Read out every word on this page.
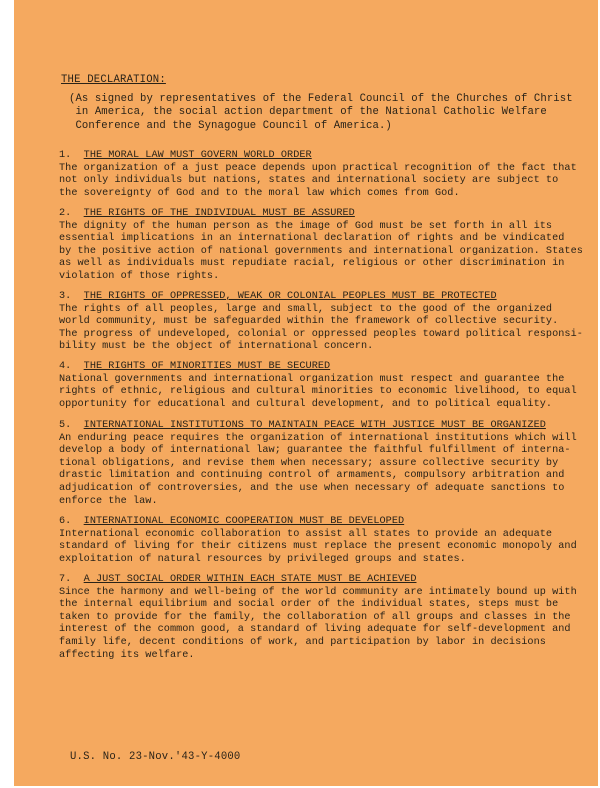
THE DECLARATION:
(As signed by representatives of the Federal Council of the Churches of Christ
in America, the social action department of the National Catholic Welfare
Conference and the Synagogue Council of America.)
1. THE MORAL LAW MUST GOVERN WORLD ORDER
The organization of a just peace depends upon practical recognition of the fact that
not only individuals but nations, states and international society are subject to
the sovereignty of God and to the moral law which comes from God.
2. THE RIGHTS OF THE INDIVIDUAL MUST BE ASSURED
The dignity of the human person as the image of God must be set forth in all its
essential implications in an international declaration of rights and be vindicated
by the positive action of national governments and international organization. States
as well as individuals must repudiate racial, religious or other discrimination in
violation of those rights.
3. THE RIGHTS OF OPPRESSED, WEAK OR COLONIAL PEOPLES MUST BE PROTECTED
The rights of all peoples, large and small, subject to the good of the organized
world community, must be safeguarded within the framework of collective security.
The progress of undeveloped, colonial or oppressed peoples toward political responsi-
bility must be the object of international concern.
4. THE RIGHTS OF MINORITIES MUST BE SECURED
National governments and international organization must respect and guarantee the
rights of ethnic, religious and cultural minorities to economic livelihood, to equal
opportunity for educational and cultural development, and to political equality.
5. INTERNATIONAL INSTITUTIONS TO MAINTAIN PEACE WITH JUSTICE MUST BE ORGANIZED
An enduring peace requires the organization of international institutions which will
develop a body of international law; guarantee the faithful fulfillment of interna-
tional obligations, and revise them when necessary; assure collective security by
drastic limitation and continuing control of armaments, compulsory arbitration and
adjudication of controversies, and the use when necessary of adequate sanctions to
enforce the law.
6. INTERNATIONAL ECONOMIC COOPERATION MUST BE DEVELOPED
International economic collaboration to assist all states to provide an adequate
standard of living for their citizens must replace the present economic monopoly and
exploitation of natural resources by privileged groups and states.
7. A JUST SOCIAL ORDER WITHIN EACH STATE MUST BE ACHIEVED
Since the harmony and well-being of the world community are intimately bound up with
the internal equilibrium and social order of the individual states, steps must be
taken to provide for the family, the collaboration of all groups and classes in the
interest of the common good, a standard of living adequate for self-development and
family life, decent conditions of work, and participation by labor in decisions
affecting its welfare.
U.S. No. 23-Nov.'43-Y-4000
